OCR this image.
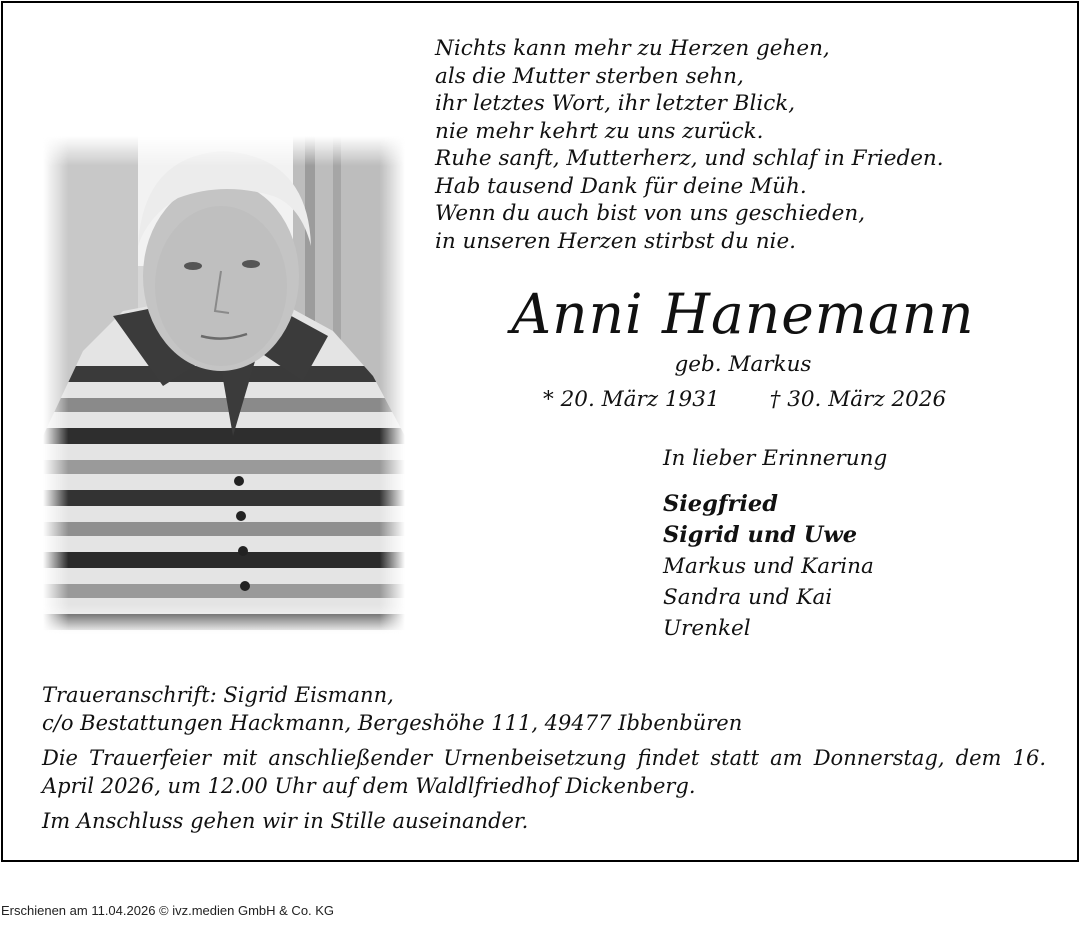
Nichts kann mehr zu Herzen gehen,
als die Mutter sterben sehn,
ihr letztes Wort, ihr letzter Blick,
nie mehr kehrt zu uns zurück.
Ruhe sanft, Mutterherz, und schlaf in Frieden.
Hab tausend Dank für deine Müh.
Wenn du auch bist von uns geschieden,
in unseren Herzen stirbst du nie.
Anni Hanemann
geb. Markus
* 20. März 1931 † 30. März 2026
In lieber Erinnerung
Siegfried
Sigrid und Uwe
Markus und Karina
Sandra und Kai
Urenkel
Traueranschrift: Sigrid Eismann,
c/o Bestattungen Hackmann, Bergeshöhe 111, 49477 Ibbenbüren
Die Trauerfeier mit anschließender Urnenbeisetzung findet statt am Donnerstag, dem 16. April 2026, um 12.00 Uhr auf dem Waldlfriedhof Dickenberg.
Im Anschluss gehen wir in Stille auseinander.
Erschienen am 11.04.2026 © ivz.medien GmbH & Co. KG
